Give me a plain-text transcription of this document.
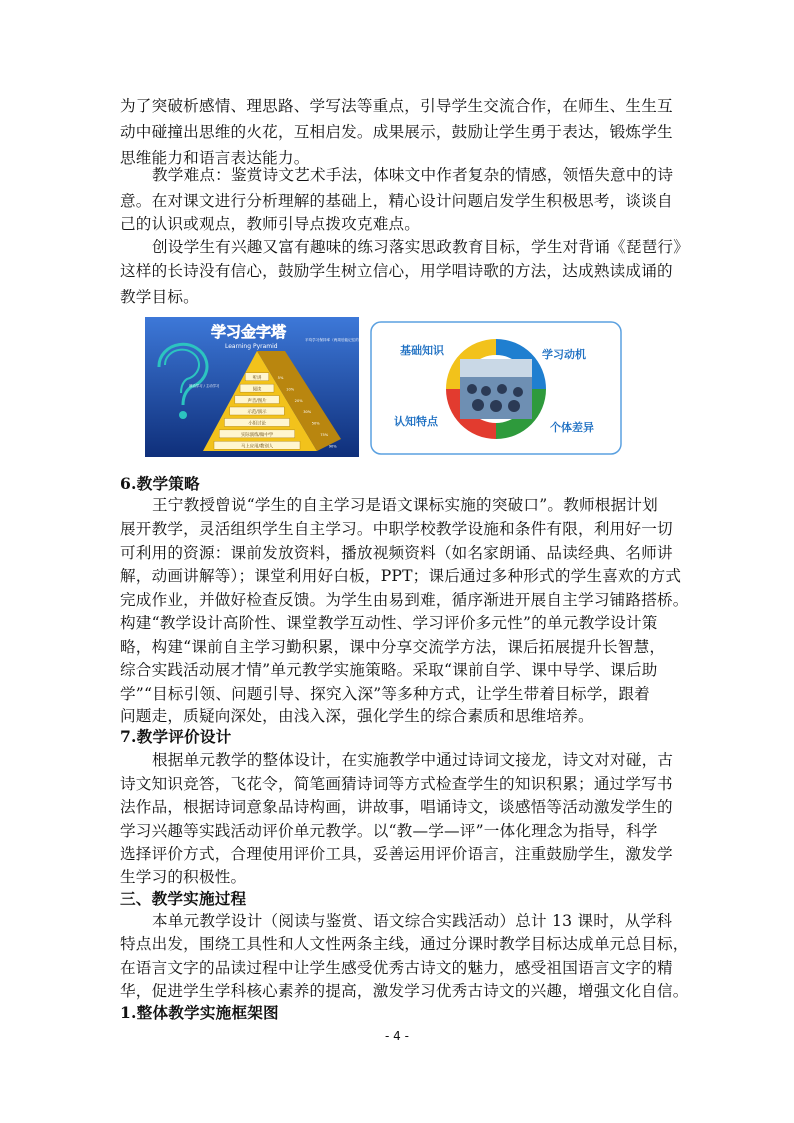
为了突破析感情、理思路、学写法等重点，引导学生交流合作，在师生、生生互
动中碰撞出思维的火花，互相启发。成果展示，鼓励让学生勇于表达，锻炼学生
思维能力和语言表达能力。
教学难点：鉴赏诗文艺术手法，体味文中作者复杂的情感，领悟失意中的诗
意。在对课文进行分析理解的基础上，精心设计问题启发学生积极思考，谈谈自
己的认识或观点，教师引导点拨攻克难点。
创设学生有兴趣又富有趣味的练习落实思政教育目标，学生对背诵《琵琶行》
这样的长诗没有信心，鼓励学生树立信心，用学唱诗歌的方法，达成熟读成诵的
教学目标。
学习金字塔
Learning Pyramid
平均学习保持率（两周后能记住的比例）
被动学习 / 主动学习
听讲	5%
阅读	10%
声音/图片	20%
示范/演示	30%
小组讨论	50%
实际演练/做中学	75%
马上应用/教别人	90%
基础知识	学习动机
认知特点	个体差异
6.教学策略
王宁教授曾说“学生的自主学习是语文课标实施的突破口”。教师根据计划
展开教学，灵活组织学生自主学习。中职学校教学设施和条件有限，利用好一切
可利用的资源：课前发放资料，播放视频资料（如名家朗诵、品读经典、名师讲
解，动画讲解等）；课堂利用好白板，PPT；课后通过多种形式的学生喜欢的方式
完成作业，并做好检查反馈。为学生由易到难，循序渐进开展自主学习铺路搭桥。
构建“教学设计高阶性、课堂教学互动性、学习评价多元性”的单元教学设计策
略，构建“课前自主学习勤积累，课中分享交流学方法，课后拓展提升长智慧，
综合实践活动展才情”单元教学实施策略。采取“课前自学、课中导学、课后助
学”“目标引领、问题引导、探究入深”等多种方式，让学生带着目标学，跟着
问题走，质疑向深处，由浅入深，强化学生的综合素质和思维培养。
7.教学评价设计
根据单元教学的整体设计，在实施教学中通过诗词文接龙，诗文对对碰，古
诗文知识竞答，飞花令，简笔画猜诗词等方式检查学生的知识积累；通过学写书
法作品，根据诗词意象品诗构画，讲故事，唱诵诗文，谈感悟等活动激发学生的
学习兴趣等实践活动评价单元教学。以“教—学—评”一体化理念为指导，科学
选择评价方式，合理使用评价工具，妥善运用评价语言，注重鼓励学生，激发学
生学习的积极性。
三、教学实施过程
本单元教学设计（阅读与鉴赏、语文综合实践活动）总计 13 课时，从学科
特点出发，围绕工具性和人文性两条主线，通过分课时教学目标达成单元总目标，
在语言文字的品读过程中让学生感受优秀古诗文的魅力，感受祖国语言文字的精
华，促进学生学科核心素养的提高，激发学习优秀古诗文的兴趣，增强文化自信。
1.整体教学实施框架图
- 4 -
